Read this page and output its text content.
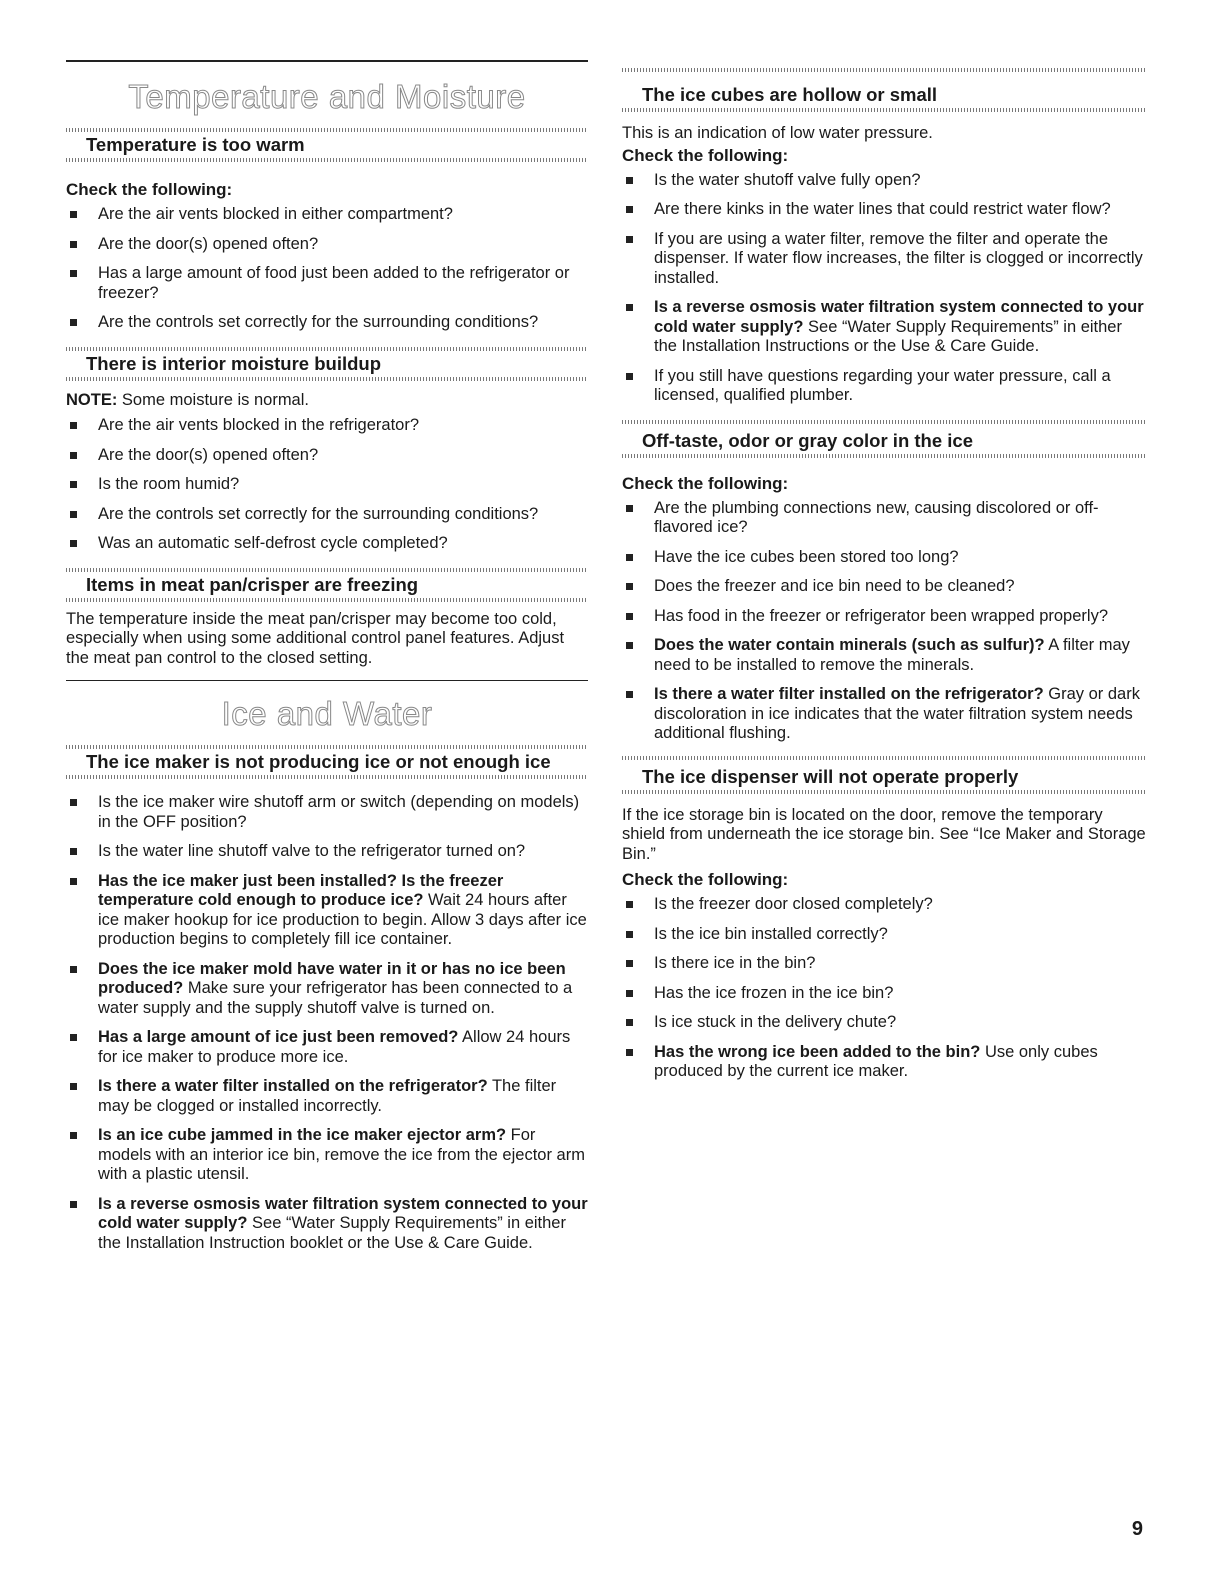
Temperature and Moisture
Temperature is too warm
Check the following:
Are the air vents blocked in either compartment?
Are the door(s) opened often?
Has a large amount of food just been added to the refrigerator or freezer?
Are the controls set correctly for the surrounding conditions?
There is interior moisture buildup

NOTE: Some moisture is normal.

Are the air vents blocked in the refrigerator?
Are the door(s) opened often?
Is the room humid?
Are the controls set correctly for the surrounding conditions?
Was an automatic self-defrost cycle completed?
Items in meat pan/crisper are freezing

The temperature inside the meat pan/crisper may become too cold, especially when using some additional control panel features. Adjust the meat pan control to the closed setting.

Ice and Water
The ice maker is not producing ice or not enough ice
Is the ice maker wire shutoff arm or switch (depending on models) in the OFF position?
Is the water line shutoff valve to the refrigerator turned on?
Has the ice maker just been installed? Is the freezer temperature cold enough to produce ice? Wait 24 hours after ice maker hookup for ice production to begin. Allow 3 days after ice production begins to completely fill ice container.
Does the ice maker mold have water in it or has no ice been produced? Make sure your refrigerator has been connected to a water supply and the supply shutoff valve is turned on.
Has a large amount of ice just been removed? Allow 24 hours for ice maker to produce more ice.
Is there a water filter installed on the refrigerator? The filter may be clogged or installed incorrectly.
Is an ice cube jammed in the ice maker ejector arm? For models with an interior ice bin, remove the ice from the ejector arm with a plastic utensil.
Is a reverse osmosis water filtration system connected to your cold water supply? See “Water Supply Requirements” in either the Installation Instruction booklet or the Use & Care Guide.
The ice cubes are hollow or small

This is an indication of low water pressure.

Check the following:
Is the water shutoff valve fully open?
Are there kinks in the water lines that could restrict water flow?
If you are using a water filter, remove the filter and operate the dispenser. If water flow increases, the filter is clogged or incorrectly installed.
Is a reverse osmosis water filtration system connected to your cold water supply? See “Water Supply Requirements” in either the Installation Instructions or the Use & Care Guide.
If you still have questions regarding your water pressure, call a licensed, qualified plumber.
Off-taste, odor or gray color in the ice
Check the following:
Are the plumbing connections new, causing discolored or off-flavored ice?
Have the ice cubes been stored too long?
Does the freezer and ice bin need to be cleaned?
Has food in the freezer or refrigerator been wrapped properly?
Does the water contain minerals (such as sulfur)? A filter may need to be installed to remove the minerals.
Is there a water filter installed on the refrigerator? Gray or dark discoloration in ice indicates that the water filtration system needs additional flushing.
The ice dispenser will not operate properly

If the ice storage bin is located on the door, remove the temporary shield from underneath the ice storage bin. See “Ice Maker and Storage Bin.”

Check the following:
Is the freezer door closed completely?
Is the ice bin installed correctly?
Is there ice in the bin?
Has the ice frozen in the ice bin?
Is ice stuck in the delivery chute?
Has the wrong ice been added to the bin? Use only cubes produced by the current ice maker.
9
